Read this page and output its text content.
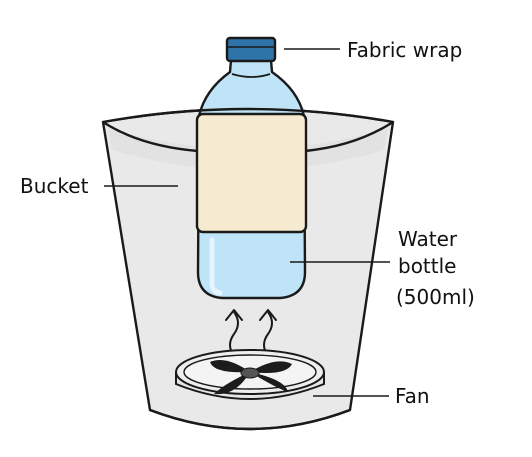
Fabric wrap
Bucket
Water
bottle
(500ml)
Fan
